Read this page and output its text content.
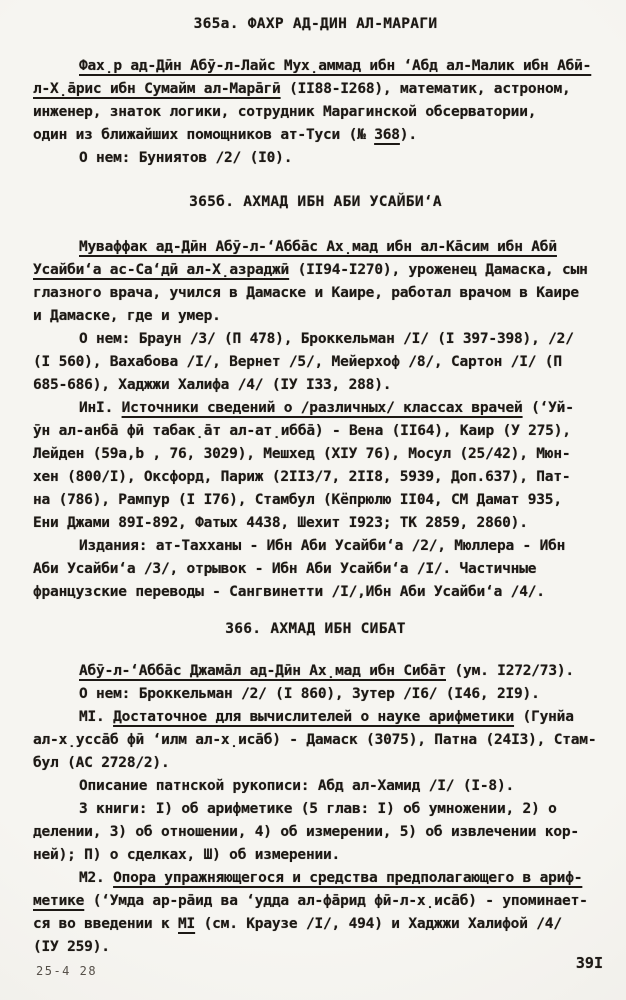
365а. ФАХР АД-ДИН АЛ-МАРАГИ
Фах̣р ад-Дӣн Абӯ-л-Лайс Мух̣аммад ибн ‘Абд ал-Малик ибн Абӣ-
л-Х̣а̄рис ибн Сумайм ал-Мара̄гӣ (II88-I268), математик, астроном,
инженер, знаток логики, сотрудник Марагинской обсерватории,
один из ближайших помощников ат-Туси (№ 368).
О нем: Буниятов /2/ (I0).
365б. АХМАД ИБН АБИ УСАЙБИ‘А
Муваффак ад-Дӣн Абӯ-л-‘Абба̄с Ах̣мад ибн ал-Ка̄сим ибн Абӣ
Усайби‘а ас-Са‘дӣ ал-Х̣азраджӣ (II94-I270), уроженец Дамаска, сын
глазного врача, учился в Дамаске и Каире, работал врачом в Каире
и Дамаске, где и умер.
О нем: Браун /3/ (П 478), Броккельман /I/ (I 397-398), /2/
(I 560), Вахабова /I/, Вернет /5/, Мейерхоф /8/, Сартон /I/ (П
685-686), Хаджжи Халифа /4/ (IУ I33, 288).
ИнI. Источники сведений о /различных/ классах врачей (‘Уй-
ӯн ал-анба̄ фӣ табак̣а̄т ал-ат̣ибба̄) - Вена (II64), Каир (У 275),
Лейден (59а,b , 76, 3029), Мешхед (ХIУ 76), Мосул (25/42), Мюн-
хен (800/I), Оксфорд, Париж (2II3/7, 2II8, 5939, Доп.637), Пат-
на (786), Рампур (I I76), Стамбул (Кёпрюлю II04, СМ Дамат 935,
Ени Джами 89I-892, Фатых 4438, Шехит I923; ТК 2859, 2860).
Издания: ат-Тахханы - Ибн Аби Усайби‘а /2/, Мюллера - Ибн
Аби Усайби‘а /3/, отрывок - Ибн Аби Усайби‘а /I/. Частичные
французские переводы - Сангвинетти /I/,Ибн Аби Усайби‘а /4/.
366. АХМАД ИБН СИБАТ
Абӯ-л-‘Абба̄с Джама̄л ад-Дӣн Ах̣мад ибн Сиба̄т (ум. I272/73).
О нем: Броккельман /2/ (I 860), Зутер /I6/ (I46, 2I9).
МI. Достаточное для вычислителей о науке арифметики (Гунйа
ал-х̣усса̄б фӣ ‘илм ал-х̣иса̄б) - Дамаск (3075), Патна (24I3), Стам-
бул (АС 2728/2).
Описание патнской рукописи: Абд ал-Хамид /I/ (I-8).
3 книги: I) об арифметике (5 глав: I) об умножении, 2) о
делении, 3) об отношении, 4) об измерении, 5) об извлечении кор-
ней); П) о сделках, Ш) об измерении.
М2. Опора упражняющегося и средства предполагающего в ариф-
метике (‘Умда ар-ра̄ид ва ‘удда ал-фа̄рид фӣ-л-х̣иса̄б) - упоминает-
ся во введении к МI (см. Краузе /I/, 494) и Хаджжи Халифой /4/
(IУ 259).
25-4 28	39I
